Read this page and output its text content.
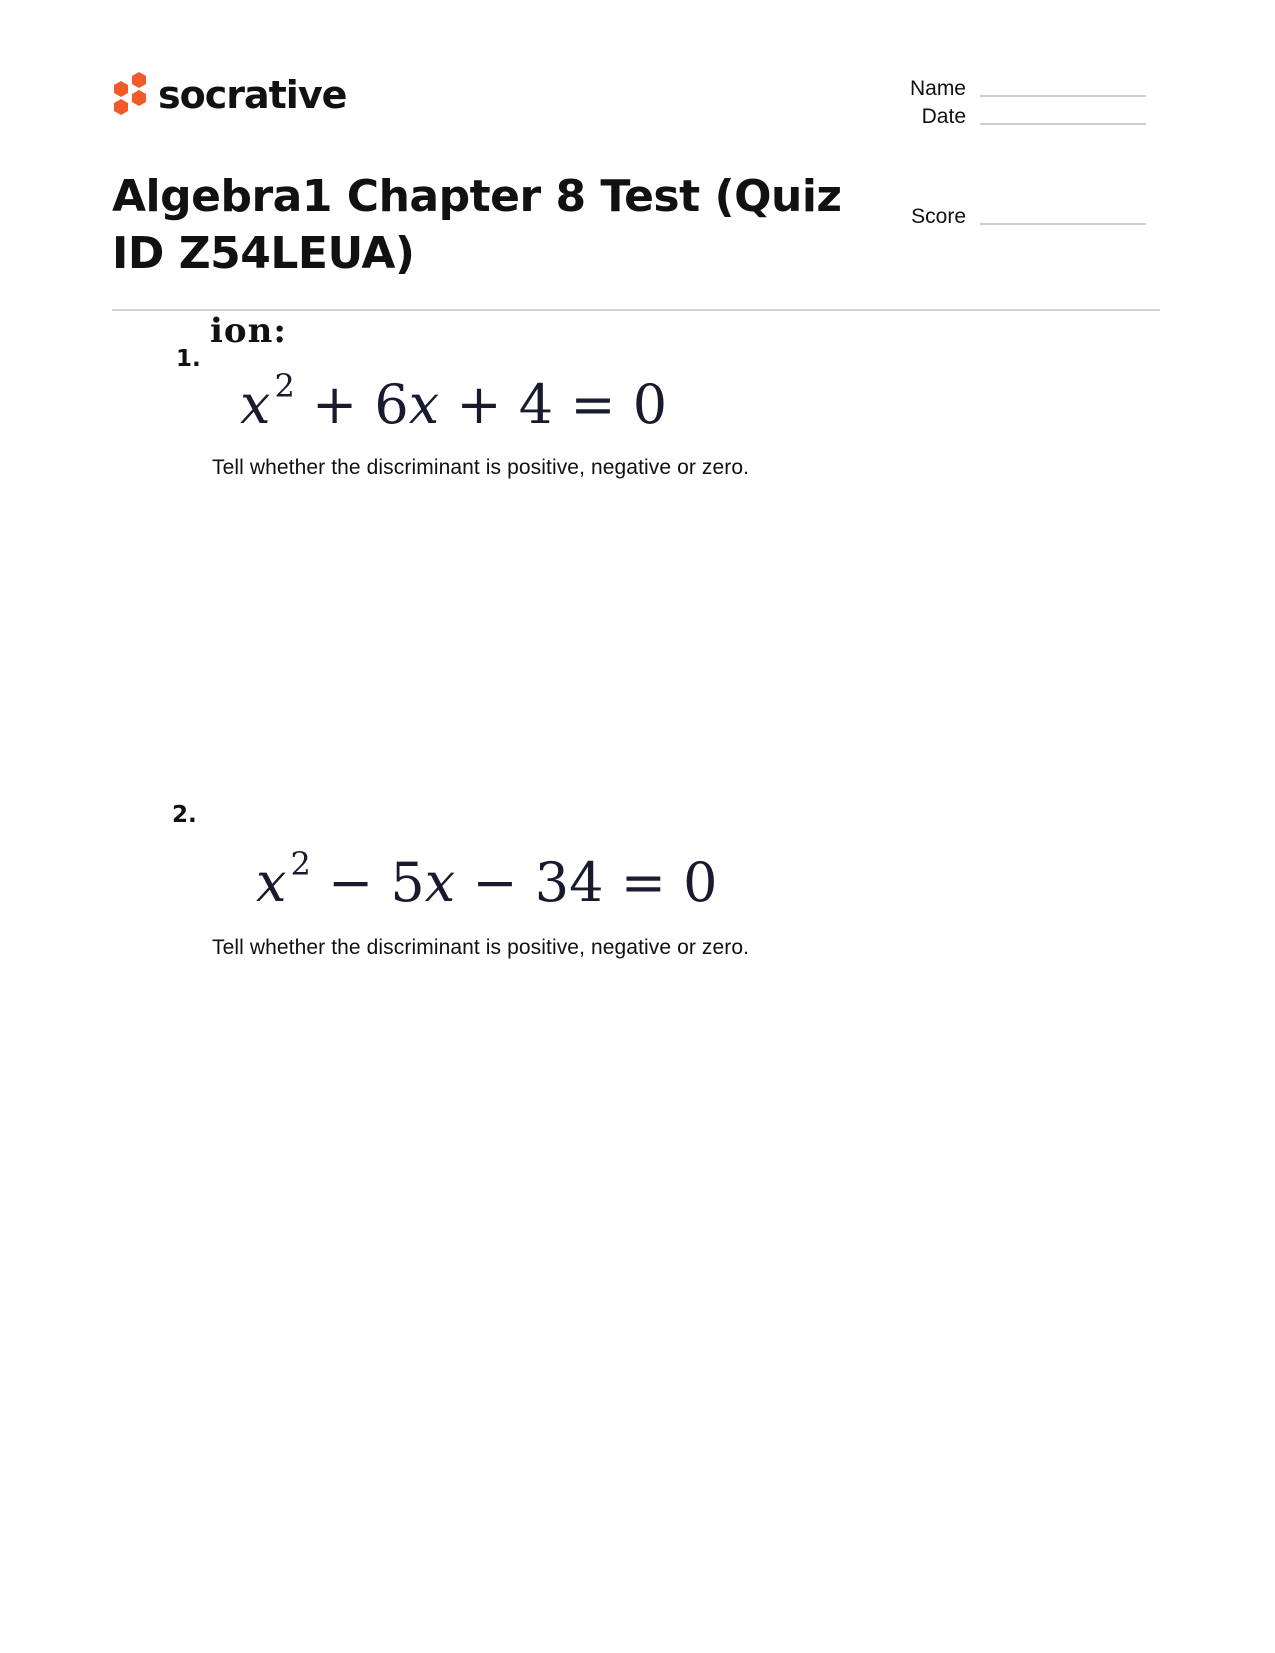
socrative	Name
Date
Score
Algebra1 Chapter 8 Test (Quiz ID Z54LEUA)
1.
ion:
x $^2$ + 6x + 4 = 0

Tell whether the discriminant is positive, negative or zero.

2.
x $^2$ − 5x − 34 = 0

Tell whether the discriminant is positive, negative or zero.
